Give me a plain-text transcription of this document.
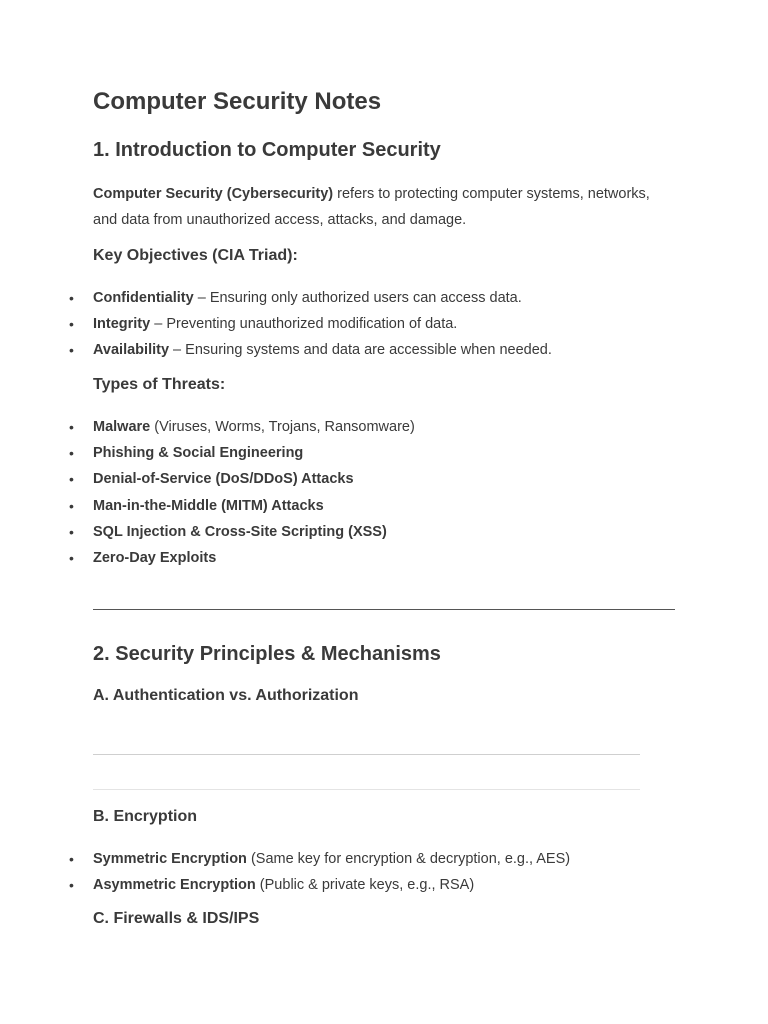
Computer Security Notes
1. Introduction to Computer Security

Computer Security (Cybersecurity) refers to protecting computer systems, networks, and data from unauthorized access, attacks, and damage.

Key Objectives (CIA Triad):
• Confidentiality – Ensuring only authorized users can access data.
• Integrity – Preventing unauthorized modification of data.
• Availability – Ensuring systems and data are accessible when needed.
Types of Threats:
• Malware (Viruses, Worms, Trojans, Ransomware)
• Phishing & Social Engineering
• Denial-of-Service (DoS/DDoS) Attacks
• Man-in-the-Middle (MITM) Attacks
• SQL Injection & Cross-Site Scripting (XSS)
• Zero-Day Exploits
2. Security Principles & Mechanisms
A. Authentication vs. Authorization
B. Encryption
• Symmetric Encryption (Same key for encryption & decryption, e.g., AES)
• Asymmetric Encryption (Public & private keys, e.g., RSA)
C. Firewalls & IDS/IPS
